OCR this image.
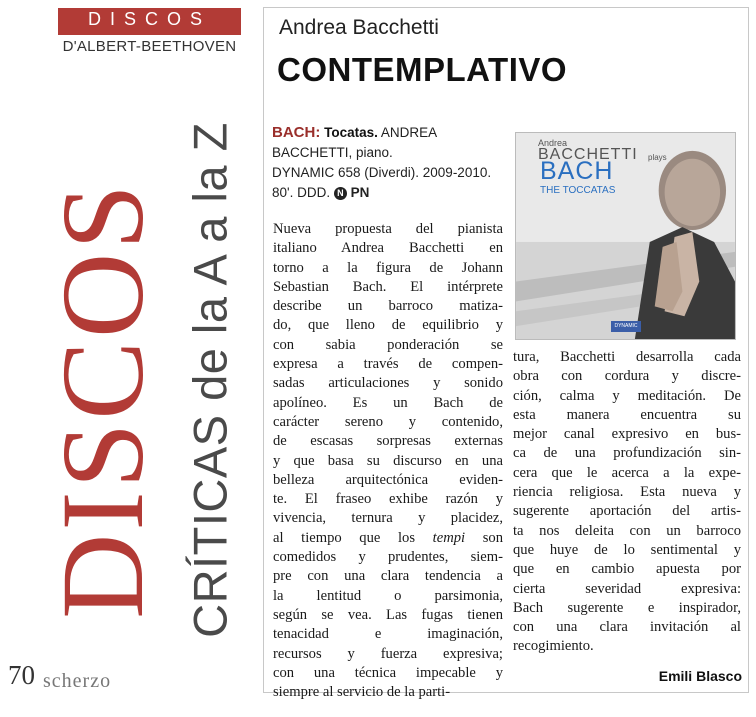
DISCOS
D'ALBERT-BEETHOVEN
DISCOS CRÍTICAS de la A a la Z
70 scherzo
Andrea Bacchetti
CONTEMPLATIVO
BACH: Tocatas. ANDREA
BACCHETTI, piano.
DYNAMIC 658 (Diverdi). 2009-2010.
80'. DDD. N PN
Nueva propuesta del pianista
italiano Andrea Bacchetti en
torno a la figura de Johann
Sebastian Bach. El intérprete
describe un barroco matiza-
do, que lleno de equilibrio y
con sabia ponderación se
expresa a través de compen-
sadas articulaciones y sonido
apolíneo. Es un Bach de
carácter sereno y contenido,
de escasas sorpresas externas
y que basa su discurso en una
belleza arquitectónica eviden-
te. El fraseo exhibe razón y
vivencia, ternura y placidez,
al tiempo que los tempi son
comedidos y prudentes, siem-
pre con una clara tendencia a
la lentitud o parsimonia,
según se vea. Las fugas tienen
tenacidad e imaginación,
recursos y fuerza expresiva;
con una técnica impecable y
siempre al servicio de la parti-
tura, Bacchetti desarrolla cada
obra con cordura y discre-
ción, calma y meditación. De
esta manera encuentra su
mejor canal expresivo en bus-
ca de una profundización sin-
cera que le acerca a la expe-
riencia religiosa. Esta nueva y
sugerente aportación del artis-
ta nos deleita con un barroco
que huye de lo sentimental y
que en cambio apuesta por
cierta severidad expresiva:
Bach sugerente e inspirador,
con una clara invitación al
recogimiento.
Emili Blasco
Andrea
BACCHETTI plays
BACH
THE TOCCATAS
DYNAMIC
